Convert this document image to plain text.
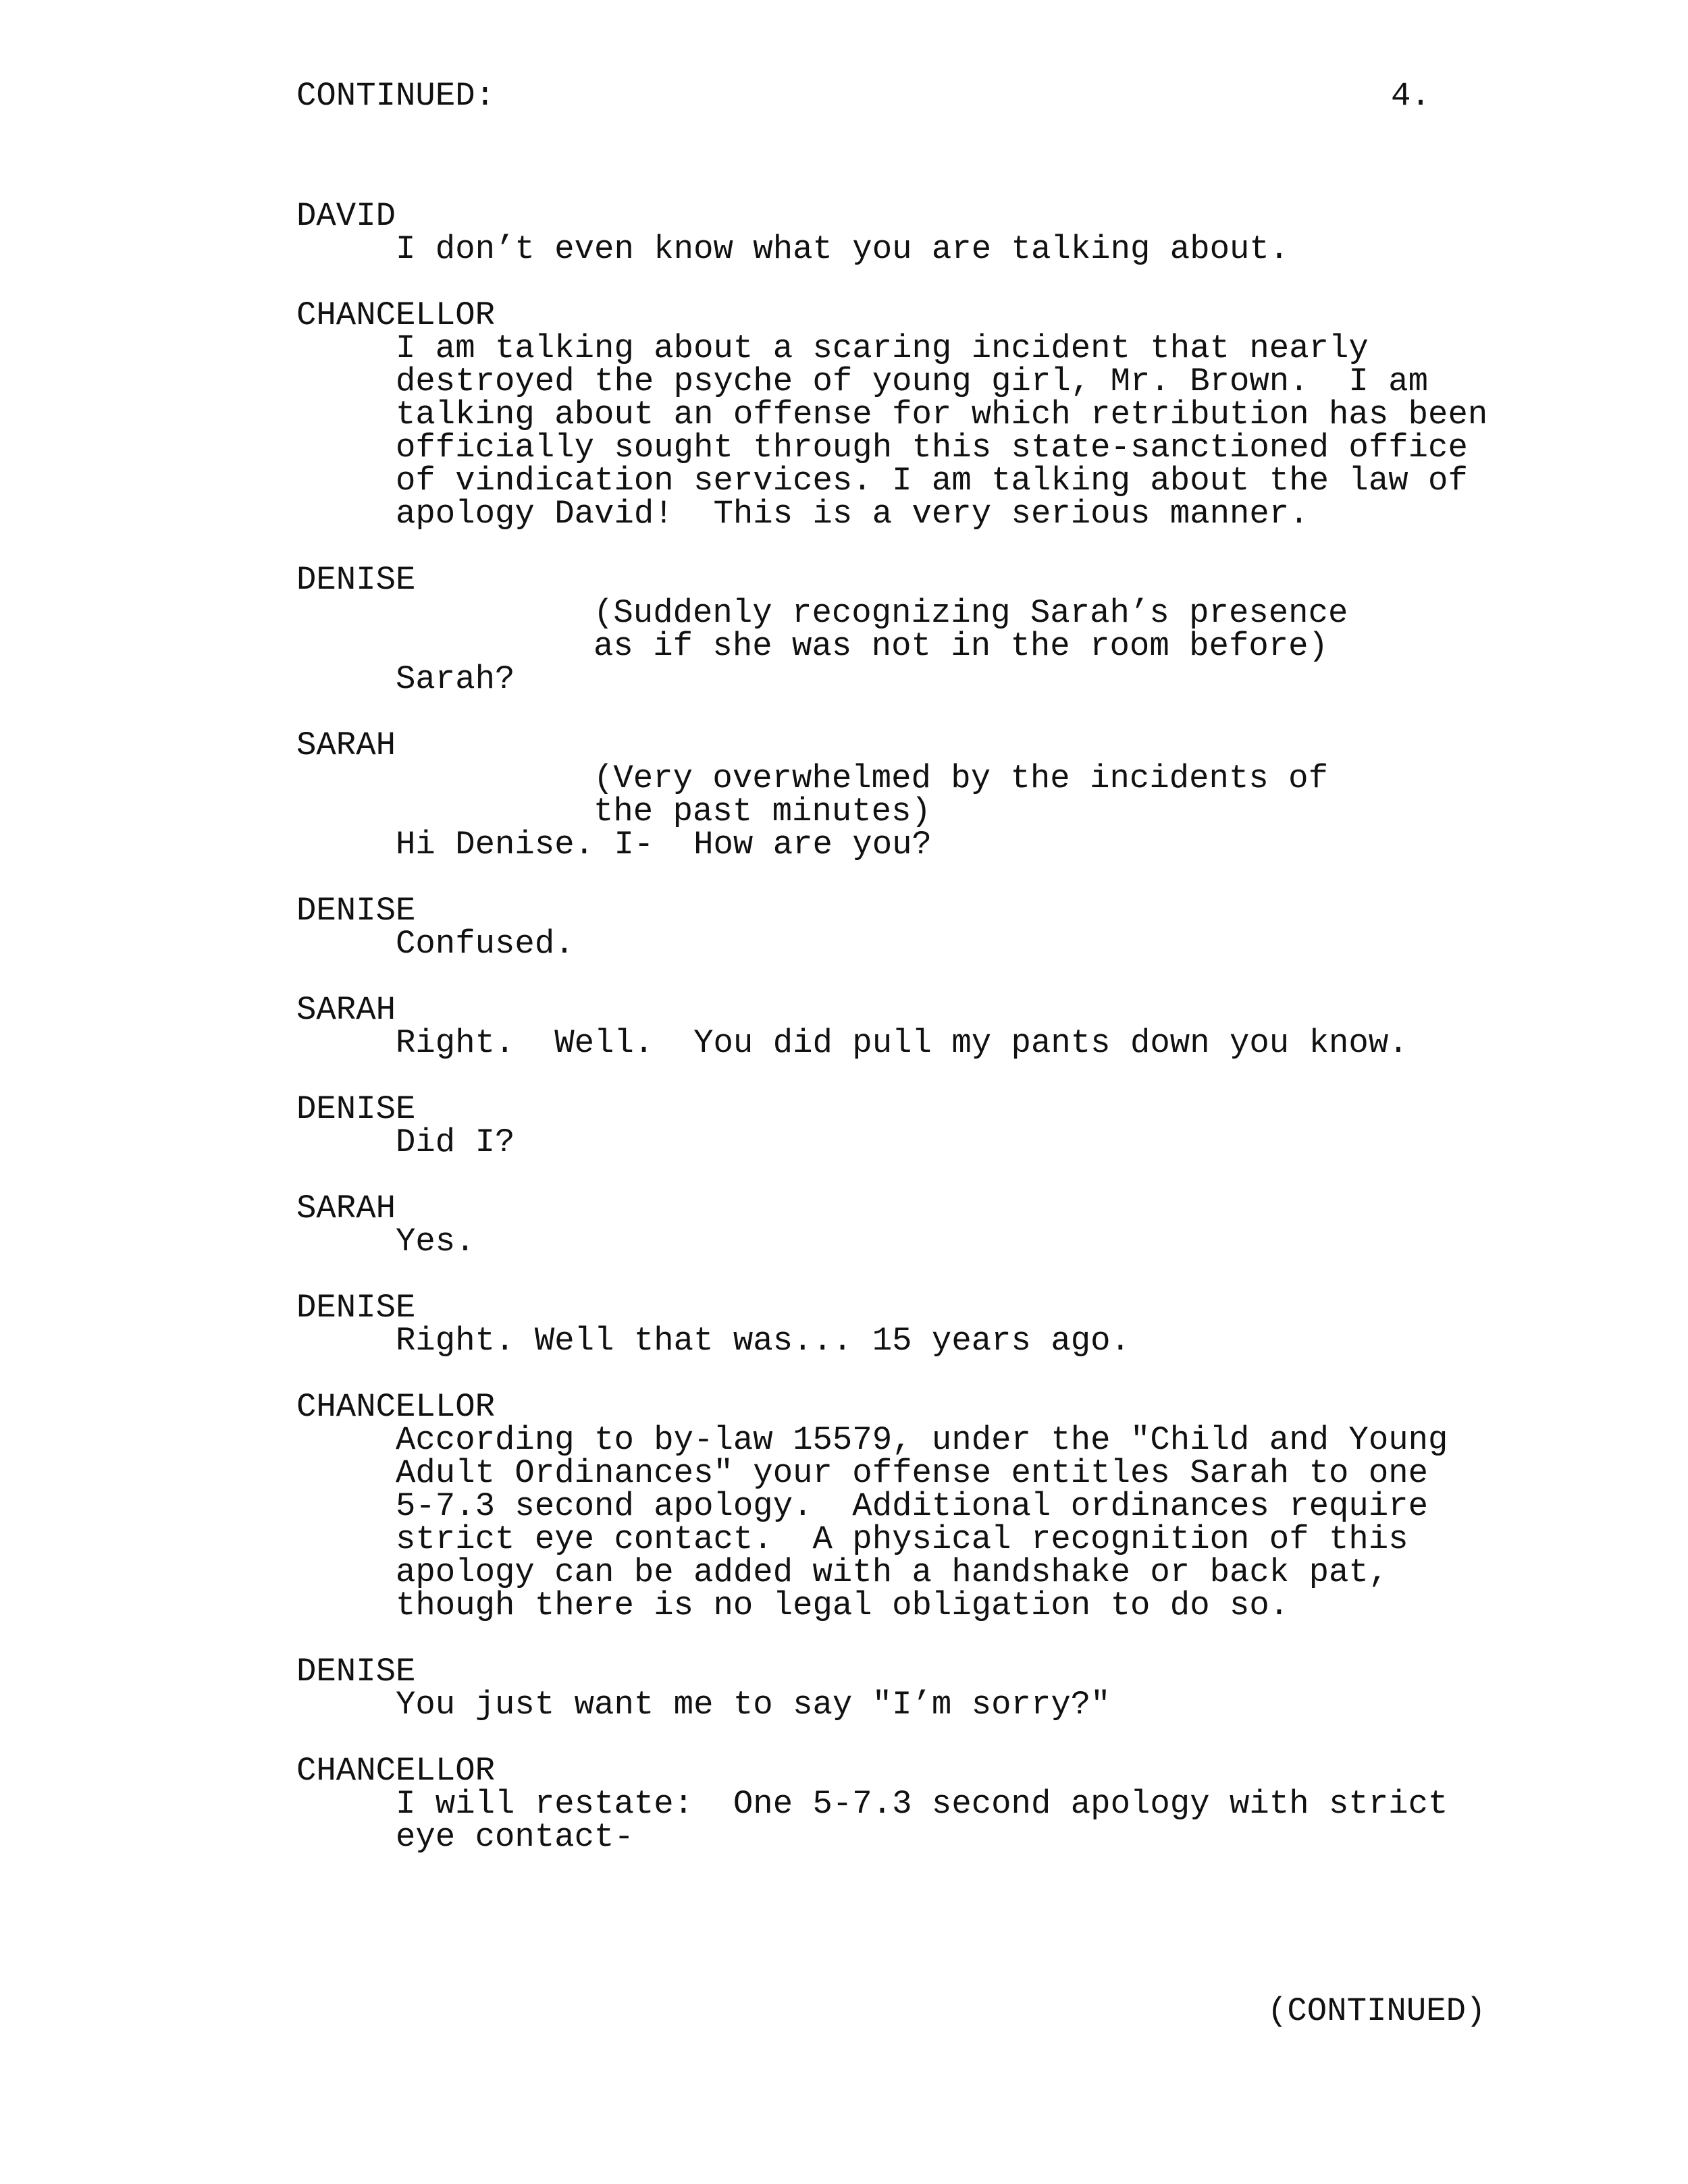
CONTINUED:	4.
DAVID
I don’t even know what you are talking about.
CHANCELLOR
I am talking about a scaring incident that nearly
destroyed the psyche of young girl, Mr. Brown.  I am
talking about an offense for which retribution has been
officially sought through this state-sanctioned office
of vindication services. I am talking about the law of
apology David!  This is a very serious manner.
DENISE
(Suddenly recognizing Sarah’s presence
as if she was not in the room before)
Sarah?
SARAH
(Very overwhelmed by the incidents of
the past minutes)
Hi Denise. I-  How are you?
DENISE
Confused.
SARAH
Right.  Well.  You did pull my pants down you know.
DENISE
Did I?
SARAH
Yes.
DENISE
Right. Well that was... 15 years ago.
CHANCELLOR
According to by-law 15579, under the "Child and Young
Adult Ordinances" your offense entitles Sarah to one
5-7.3 second apology.  Additional ordinances require
strict eye contact.  A physical recognition of this
apology can be added with a handshake or back pat,
though there is no legal obligation to do so.
DENISE
You just want me to say "I’m sorry?"
CHANCELLOR
I will restate:  One 5-7.3 second apology with strict
eye contact-
(CONTINUED)
